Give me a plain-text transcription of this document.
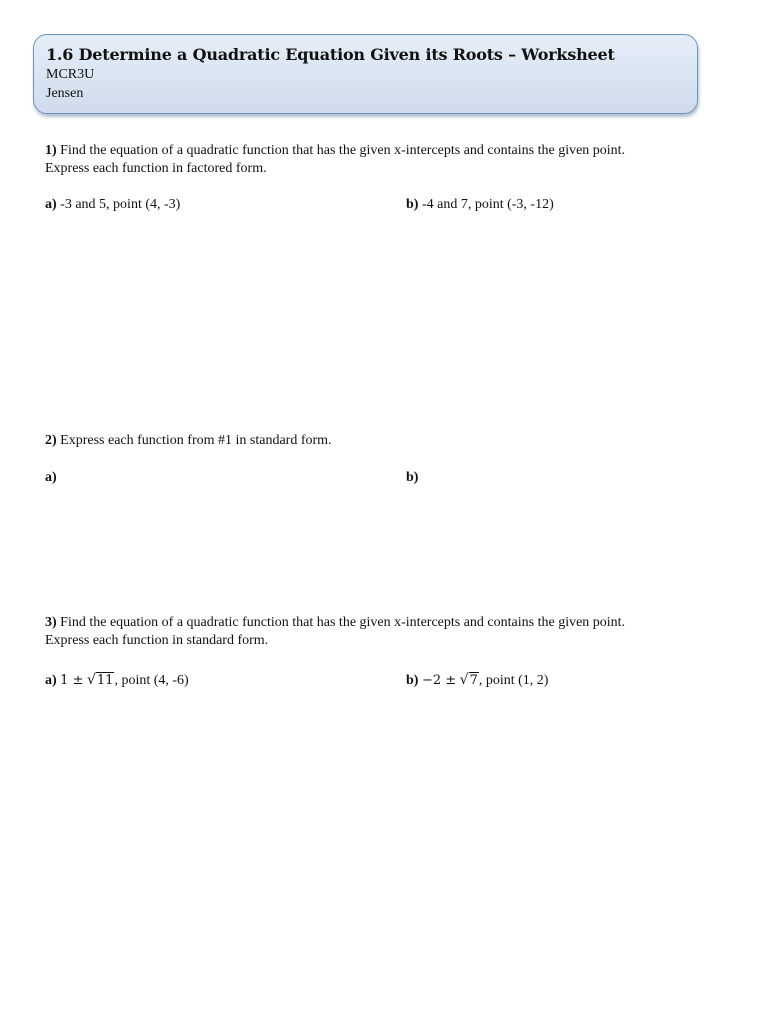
1.6 Determine a Quadratic Equation Given its Roots – Worksheet

MCR3U

Jensen

1) Find the equation of a quadratic function that has the given x-intercepts and contains the given point.
Express each function in factored form.
a) -3 and 5, point (4, -3)	b) -4 and 7, point (-3, -12)
2) Express each function from #1 in standard form.
a)	b)
3) Find the equation of a quadratic function that has the given x-intercepts and contains the given point.
Express each function in standard form.
a) 1 ± √11, point (4, -6)	b) −2 ± √7, point (1, 2)
